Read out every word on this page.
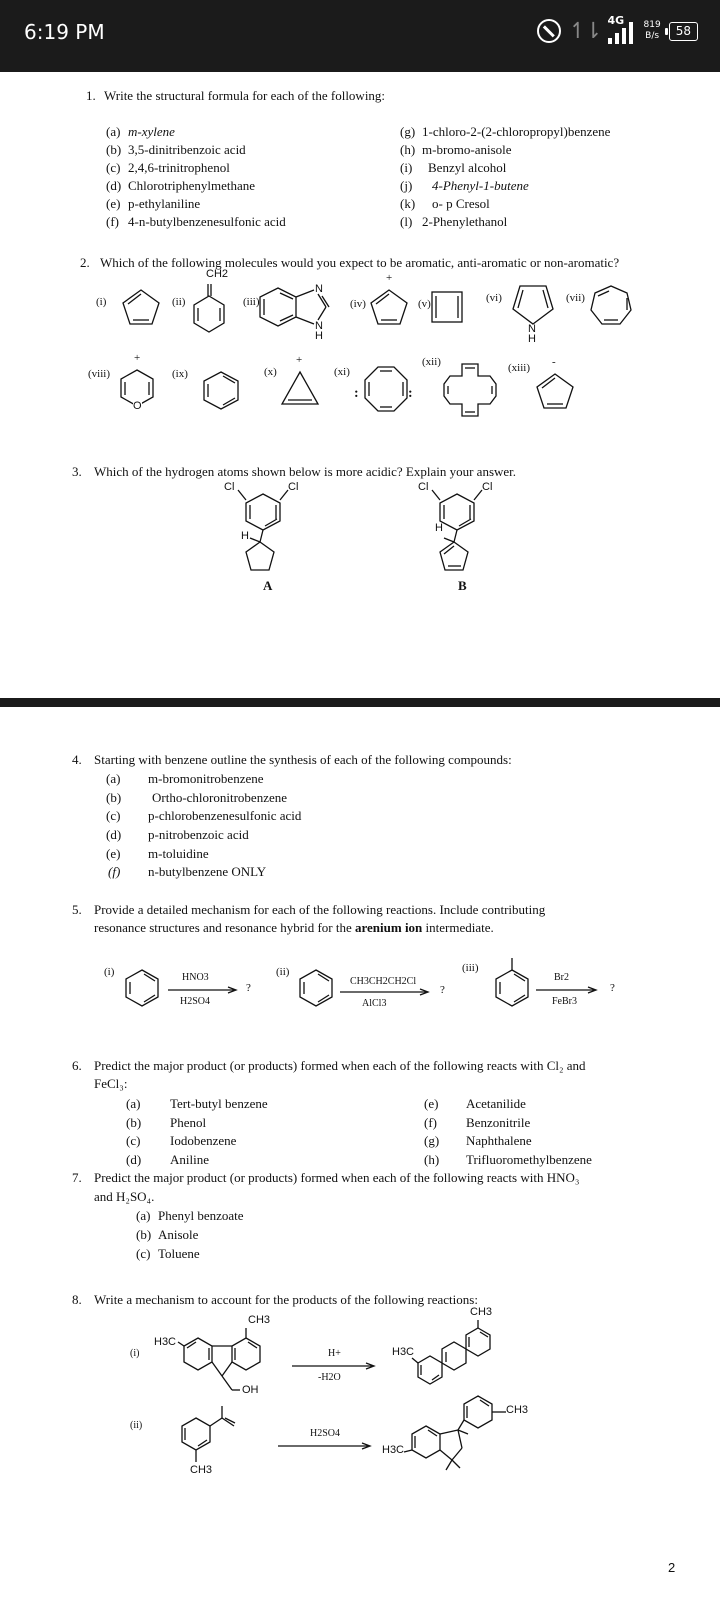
6:19 PM	↿⇂ 4G 819
B/s	58
1. Write the structural formula for each of the following:
(a) m-xylene
(b) 3,5-dinitribenzoic acid
(c) 2,4,6-trinitrophenol
(d) Chlorotriphenylmethane
(e) p-ethylaniline
(f) 4-n-butylbenzenesulfonic acid
(g) 1-chloro-2-(2-chloropropyl)benzene
(h) m-bromo-anisole
(i) Benzyl alcohol
(j) 4-Phenyl-1-butene
(k) o- p Cresol
(l) 2-Phenylethanol
2. Which of the following molecules would you expect to be aromatic, anti-aromatic or non-aromatic?
(i)	(ii)	(iii)	(iv)	(v)	(vi)	(vii)
(viii)	(ix)	(x)	(xi)
(xii)	(xiii)
CH2
N
N
H
+
N
H
+
O
+
:	:
-
3. Which of the hydrogen atoms shown below is more acidic? Explain your answer.
Cl	Cl
H
A
Cl	Cl
H
B
4. Starting with benzene outline the synthesis of each of the following compounds:
(a) m-bromonitrobenzene
(b) Ortho-chloronitrobenzene
(c) p-chlorobenzenesulfonic acid
(d) p-nitrobenzoic acid
(e) m-toluidine
(f) n-butylbenzene ONLY
5. Provide a detailed mechanism for each of the following reactions. Include contributing
resonance structures and resonance hybrid for the arenium ion intermediate.
(i)	HNO3
H2SO4
?
(ii)
CH3CH2CH2Cl
AlCl3
?
(iii)
Br2
FeBr3
?
6. Predict the major product (or products) formed when each of the following reacts with Cl₂ and
FeCl₃:
(a) Tert-butyl benzene
(b) Phenol
(c) Iodobenzene
(d) Aniline
(e) Acetanilide
(f) Benzonitrile
(g) Naphthalene
(h) Trifluoromethylbenzene
7. Predict the major product (or products) formed when each of the following reacts with HNO₃
and H₂SO₄.
(a) Phenyl benzoate
(b) Anisole
(c) Toluene
8. Write a mechanism to account for the products of the following reactions:
(i)
CH3
H3C
OH
H+
-H2O
CH3
H3C
(ii)
CH3
H2SO4
CH3
H3C
2
